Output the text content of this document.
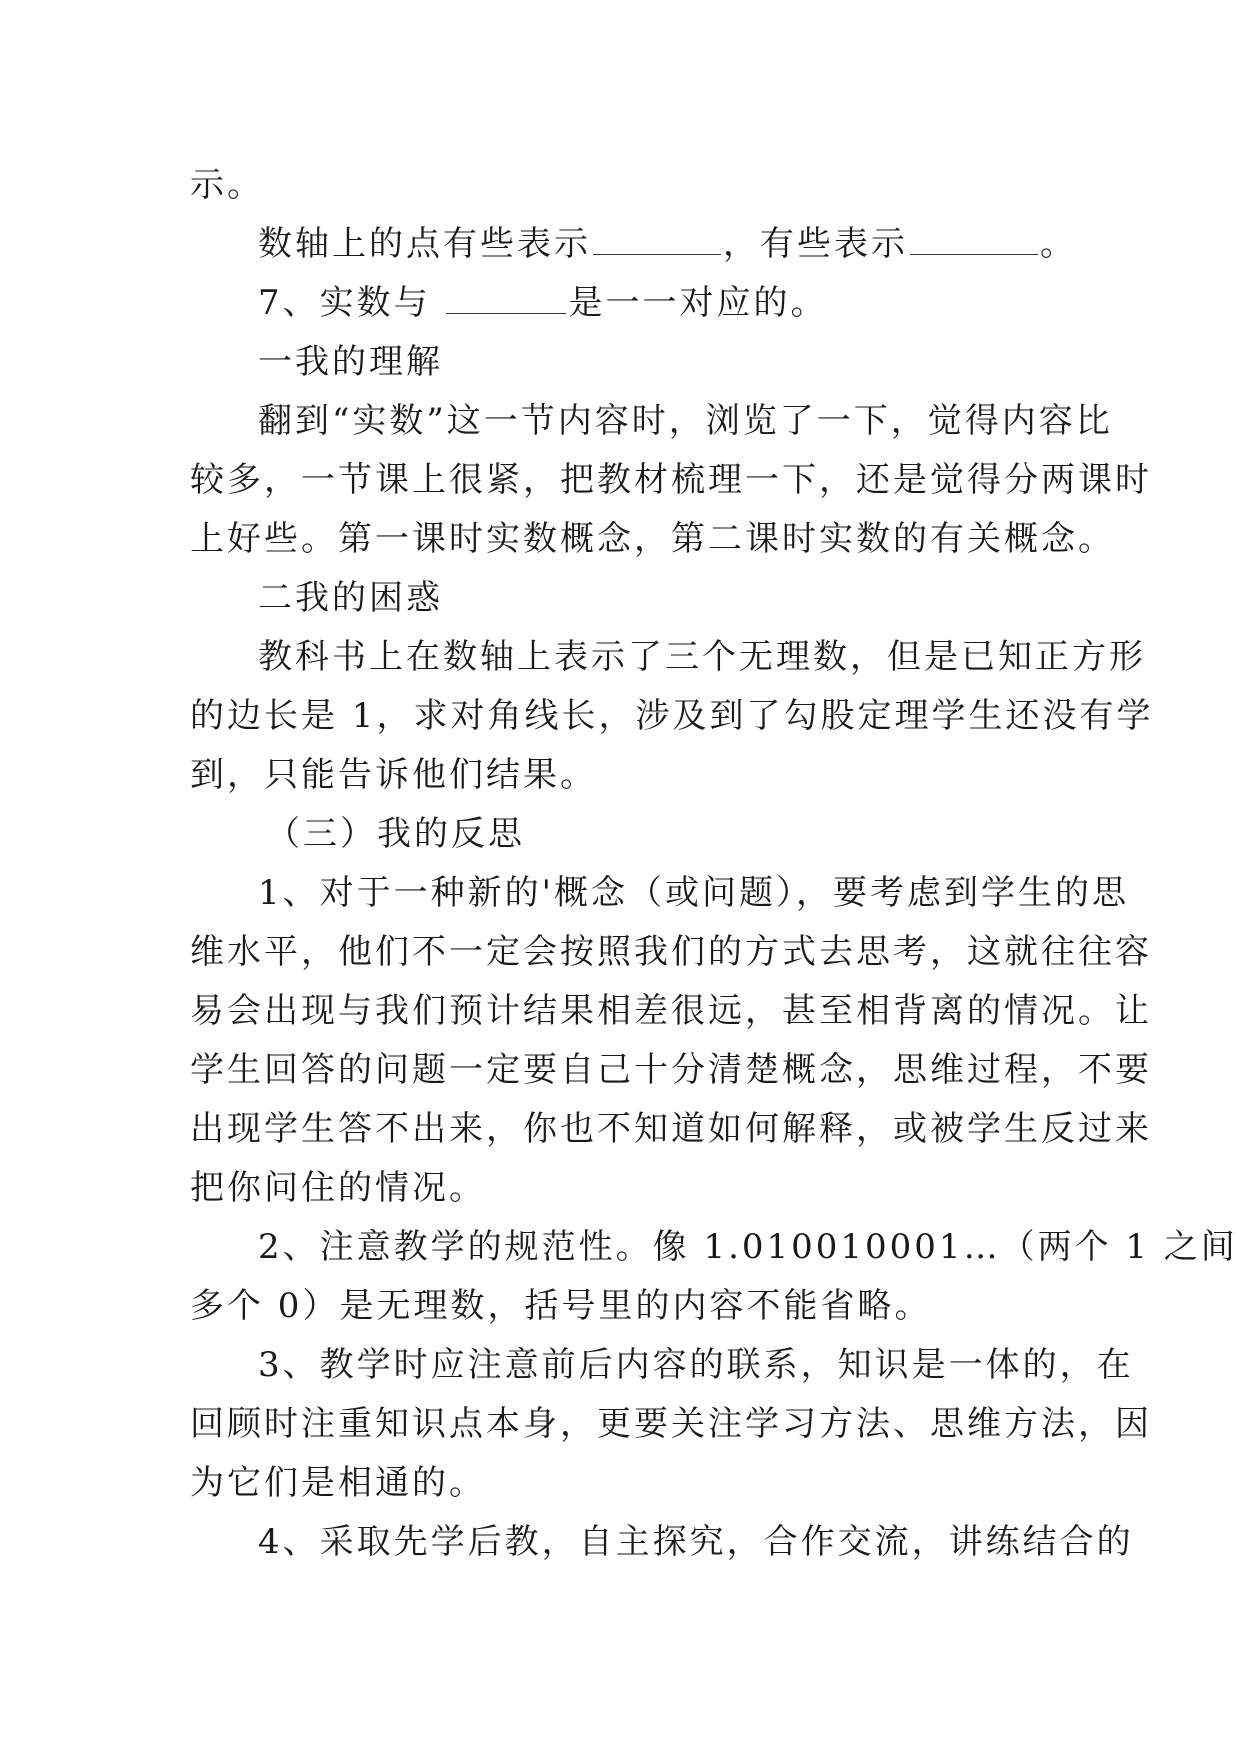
示。
数轴上的点有些表示	，有些表示	。
7、实数与	是一一对应的。
一我的理解
翻到“实数”这一节内容时，浏览了一下，觉得内容比
较多，一节课上很紧，把教材梳理一下，还是觉得分两课时
上好些。第一课时实数概念，第二课时实数的有关概念。
二我的困惑
教科书上在数轴上表示了三个无理数，但是已知正方形
的边长是 1，求对角线长，涉及到了勾股定理学生还没有学
到，只能告诉他们结果。
（三）我的反思
1、对于一种新的'概念（或问题），要考虑到学生的思
维水平，他们不一定会按照我们的方式去思考，这就往往容
易会出现与我们预计结果相差很远，甚至相背离的情况。让
学生回答的问题一定要自己十分清楚概念，思维过程，不要
出现学生答不出来，你也不知道如何解释，或被学生反过来
把你问住的情况。
2、注意教学的规范性。像 1.010010001…（两个 1 之间
多个 0）是无理数，括号里的内容不能省略。
3、教学时应注意前后内容的联系，知识是一体的，在
回顾时注重知识点本身，更要关注学习方法、思维方法，因
为它们是相通的。
4、采取先学后教，自主探究，合作交流，讲练结合的
